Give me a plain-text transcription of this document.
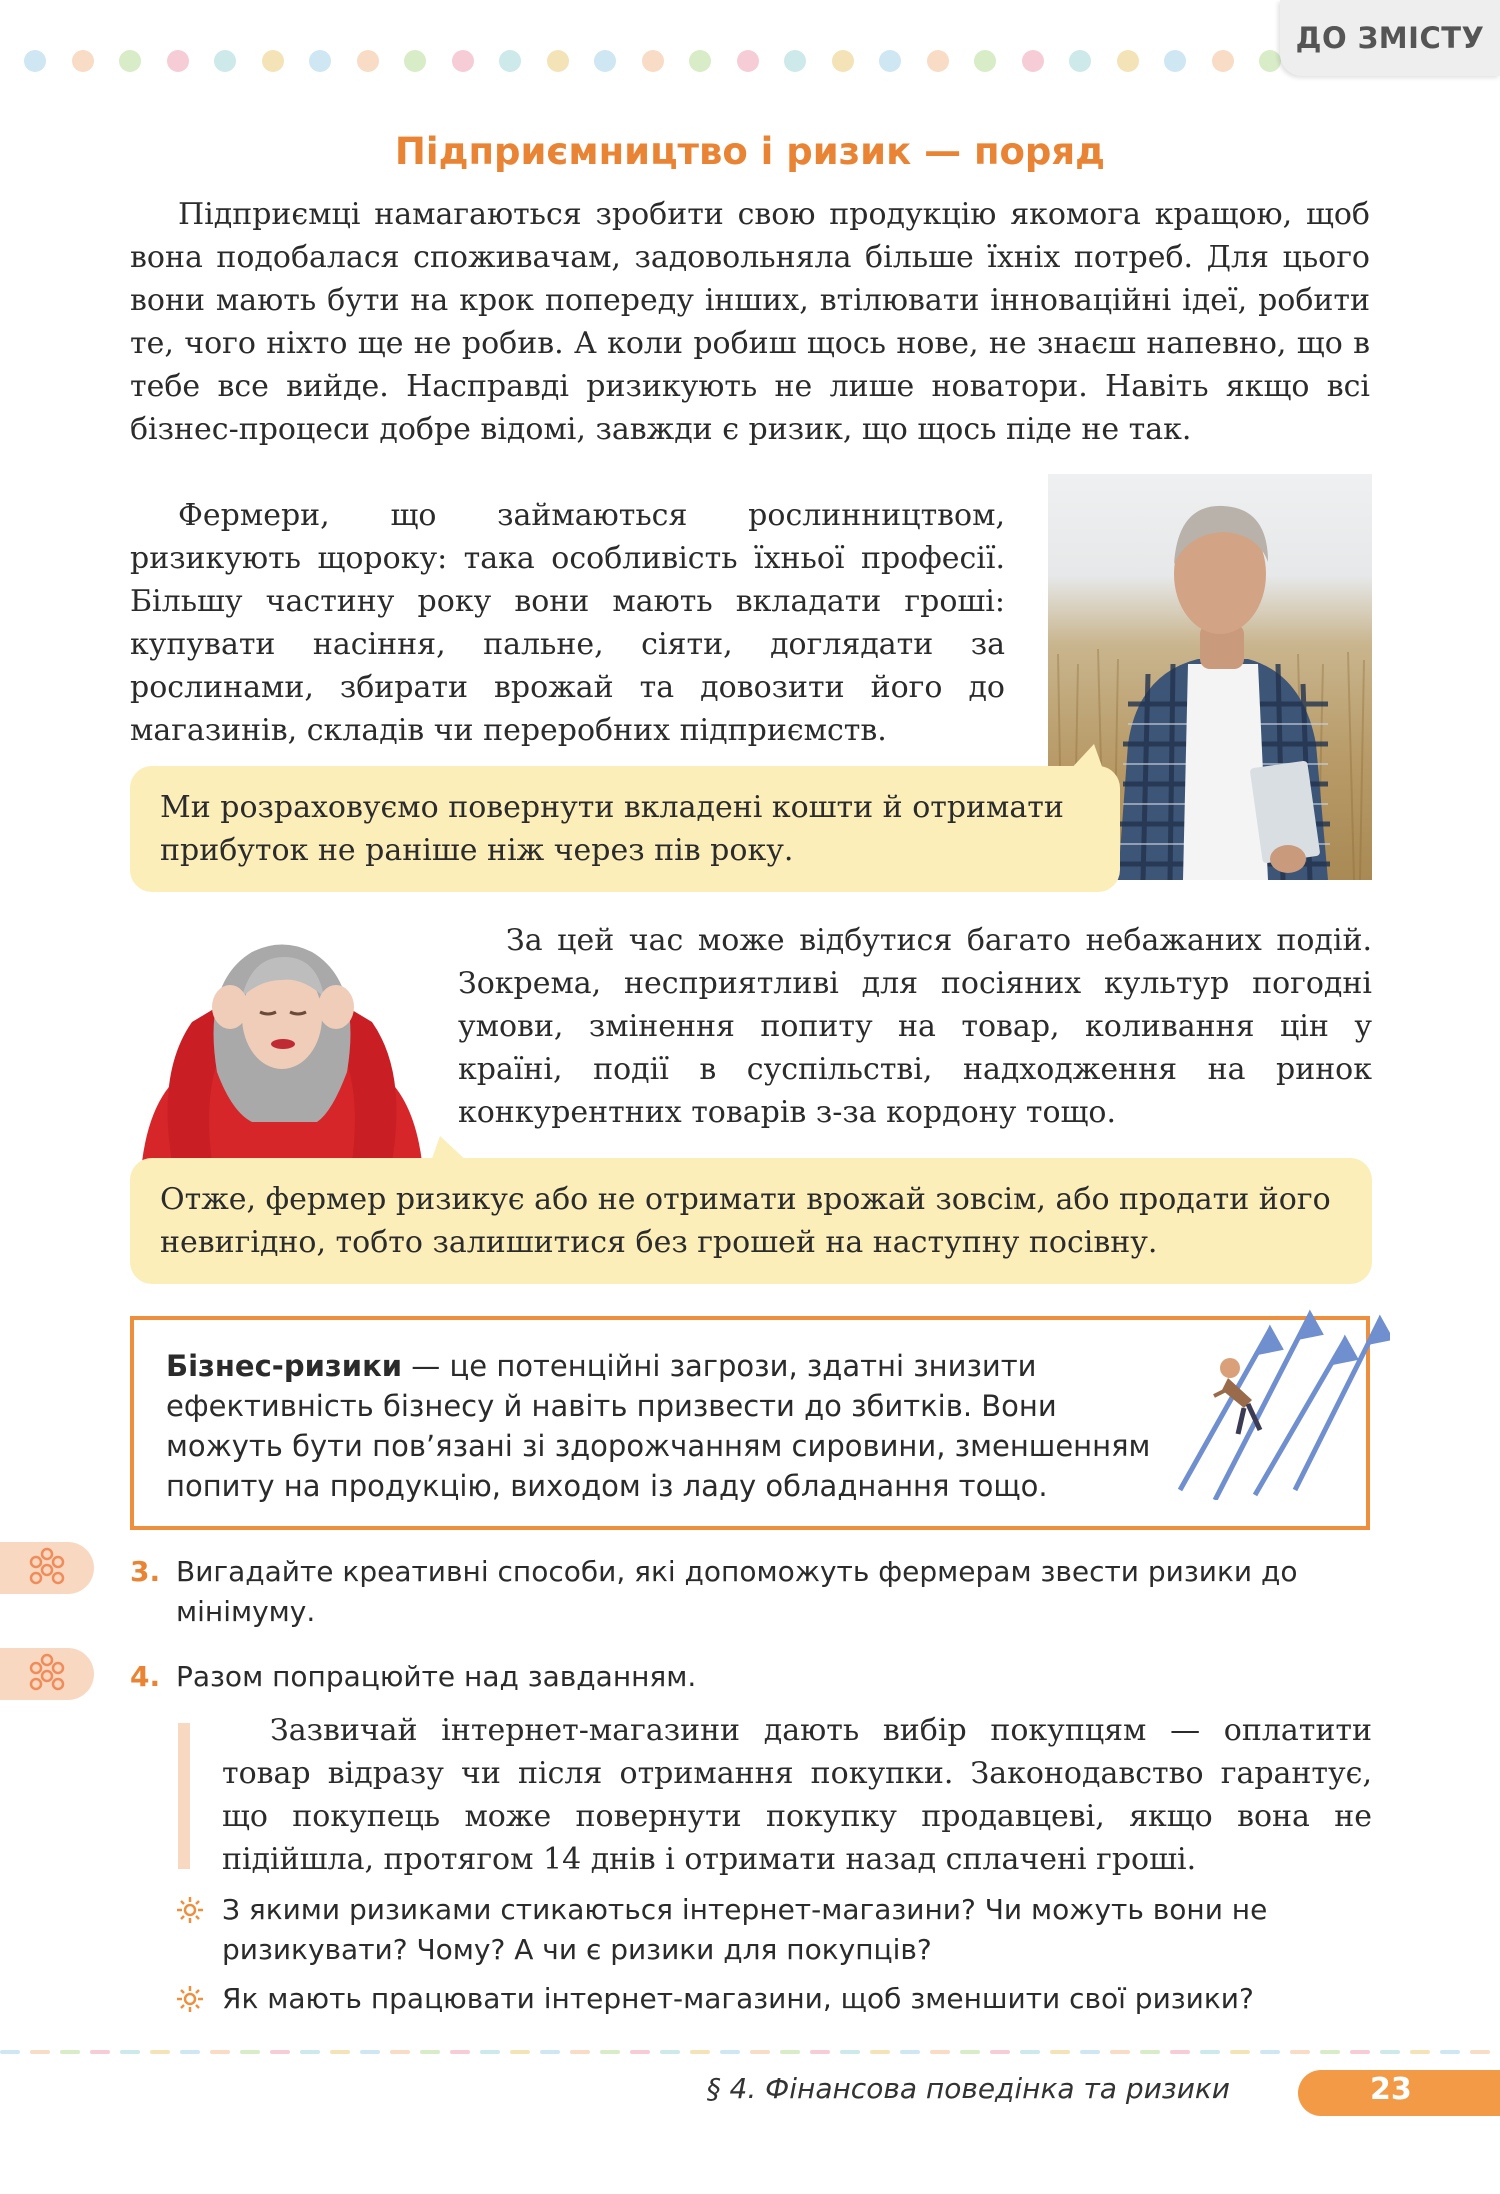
ДО ЗМІСТУ
Підприємництво і ризик — поряд

Підприємці намагаються зробити свою продукцію якомога кращою, щоб вона подобалася споживачам, задовольняла більше їхніх потреб. Для цього вони мають бути на крок попереду інших, втілювати інноваційні ідеї, робити те, чого ніхто ще не робив. А коли робиш щось нове, не знаєш напевно, що в тебе все вийде. Насправді ризикують не лише новатори. Навіть якщо всі бізнес-процеси добре відомі, завжди є ризик, що щось піде не так.

Фермери, що займаються рослинництвом, ризикують щороку: така особливість їхньої професії. Більшу частину року вони мають вкладати гроші: купувати насіння, пальне, сіяти, доглядати за рослинами, збирати врожай та довозити його до магазинів, складів чи переробних підприємств.

Ми розраховуємо повернути вкладені кошти й отримати прибуток не раніше ніж через пів року.

За цей час може відбутися багато небажаних подій. Зокрема, несприятливі для посіяних культур погодні умови, змінення попиту на товар, коливання цін у країні, події в суспільстві, надходження на ринок конкурентних товарів з-за кордону тощо.

Отже, фермер ризикує або не отримати врожай зовсім, або продати його невигідно, тобто залишитися без грошей на наступну посівну.

Бізнес-ризики — це потенційні загрози, здатні знизити ефективність бізнесу й навіть призвести до збитків. Вони можуть бути пов’язані зі здорожчанням сировини, зменшенням попиту на продукцію, виходом із ладу обладнання тощо.

3. Вигадайте креативні способи, які допоможуть фермерам звести ризики до мінімуму.

4. Разом попрацюйте над завданням.

Зазвичай інтернет-магазини дають вибір покупцям — оплатити товар відразу чи після отримання покупки. Законодавство гарантує, що покупець може повернути покупку продавцеві, якщо вона не підійшла, протягом 14 днів і отримати назад сплачені гроші.

З якими ризиками стикаються інтернет-магазини? Чи можуть вони не ризикувати? Чому? А чи є ризики для покупців?

Як мають працювати інтернет-магазини, щоб зменшити свої ризики?

§ 4. Фінансова поведінка та ризики	23
